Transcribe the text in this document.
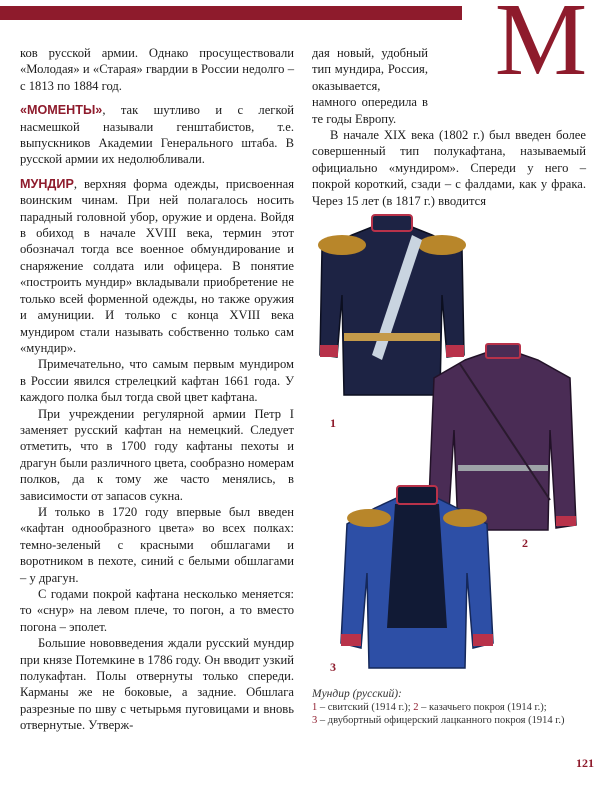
М

ков русской армии. Однако просуществовали «Молодая» и «Старая» гвардии в России недолго – с 1813 по 1884 год.

«МОМЕНТЫ», так шутливо и с легкой насмешкой называли генштабистов, т.е. выпускников Академии Генерального штаба. В русской армии их недолюбливали.

МУНДИР, верхняя форма одежды, присвоенная воинским чинам. При ней полагалось носить парадный головной убор, оружие и ордена. Войдя в обиход в начале XVIII века, термин этот обозначал тогда все военное обмундирование и снаряжение солдата или офицера. В понятие «построить мундир» вкладывали приобретение не только всей форменной одежды, но также оружия и амуниции. И только с конца XVIII века мундиром стали называть собственно только сам «мундир».

Примечательно, что самым первым мундиром в России явился стрелецкий кафтан 1661 года. У каждого полка был тогда свой цвет кафтана.

При учреждении регулярной армии Петр I заменяет русский кафтан на немецкий. Следует отметить, что в 1700 году кафтаны пехоты и драгун были различного цвета, сообразно номерам полков, да к тому же часто менялись, в зависимости от запасов сукна.

И только в 1720 году впервые был введен «кафтан однообразного цвета» во всех полках: темно-зеленый с красными обшлагами и воротником в пехоте, синий с белыми обшлагами – у драгун.

С годами покрой кафтана несколько меняется: то «снур» на левом плече, то погон, а то вместо погона – эполет.

Большие нововведения ждали русский мундир при князе Потемкине в 1786 году. Он вводит узкий полукафтан. Полы отвернуты только спереди. Карманы же не боковые, а задние. Обшлага разрезные по шву с четырьмя пуговицами и вновь отвернутые. Утверж-

дая новый, удобный тип мундира, Россия, оказывается, намного опередила в те годы Европу.

В начале XIX века (1802 г.) был введен более совершенный тип полукафтана, называемый официально «мундиром». Спереди у него – покрой короткий, сзади – с фалдами, как у фрака. Через 15 лет (в 1817 г.) вводится

1
2
3
Мундир (русский):
1 – свитский (1914 г.); 2 – казачьего покроя (1914 г.);
3 – двубортный офицерский лацканного покроя (1914 г.)
121
